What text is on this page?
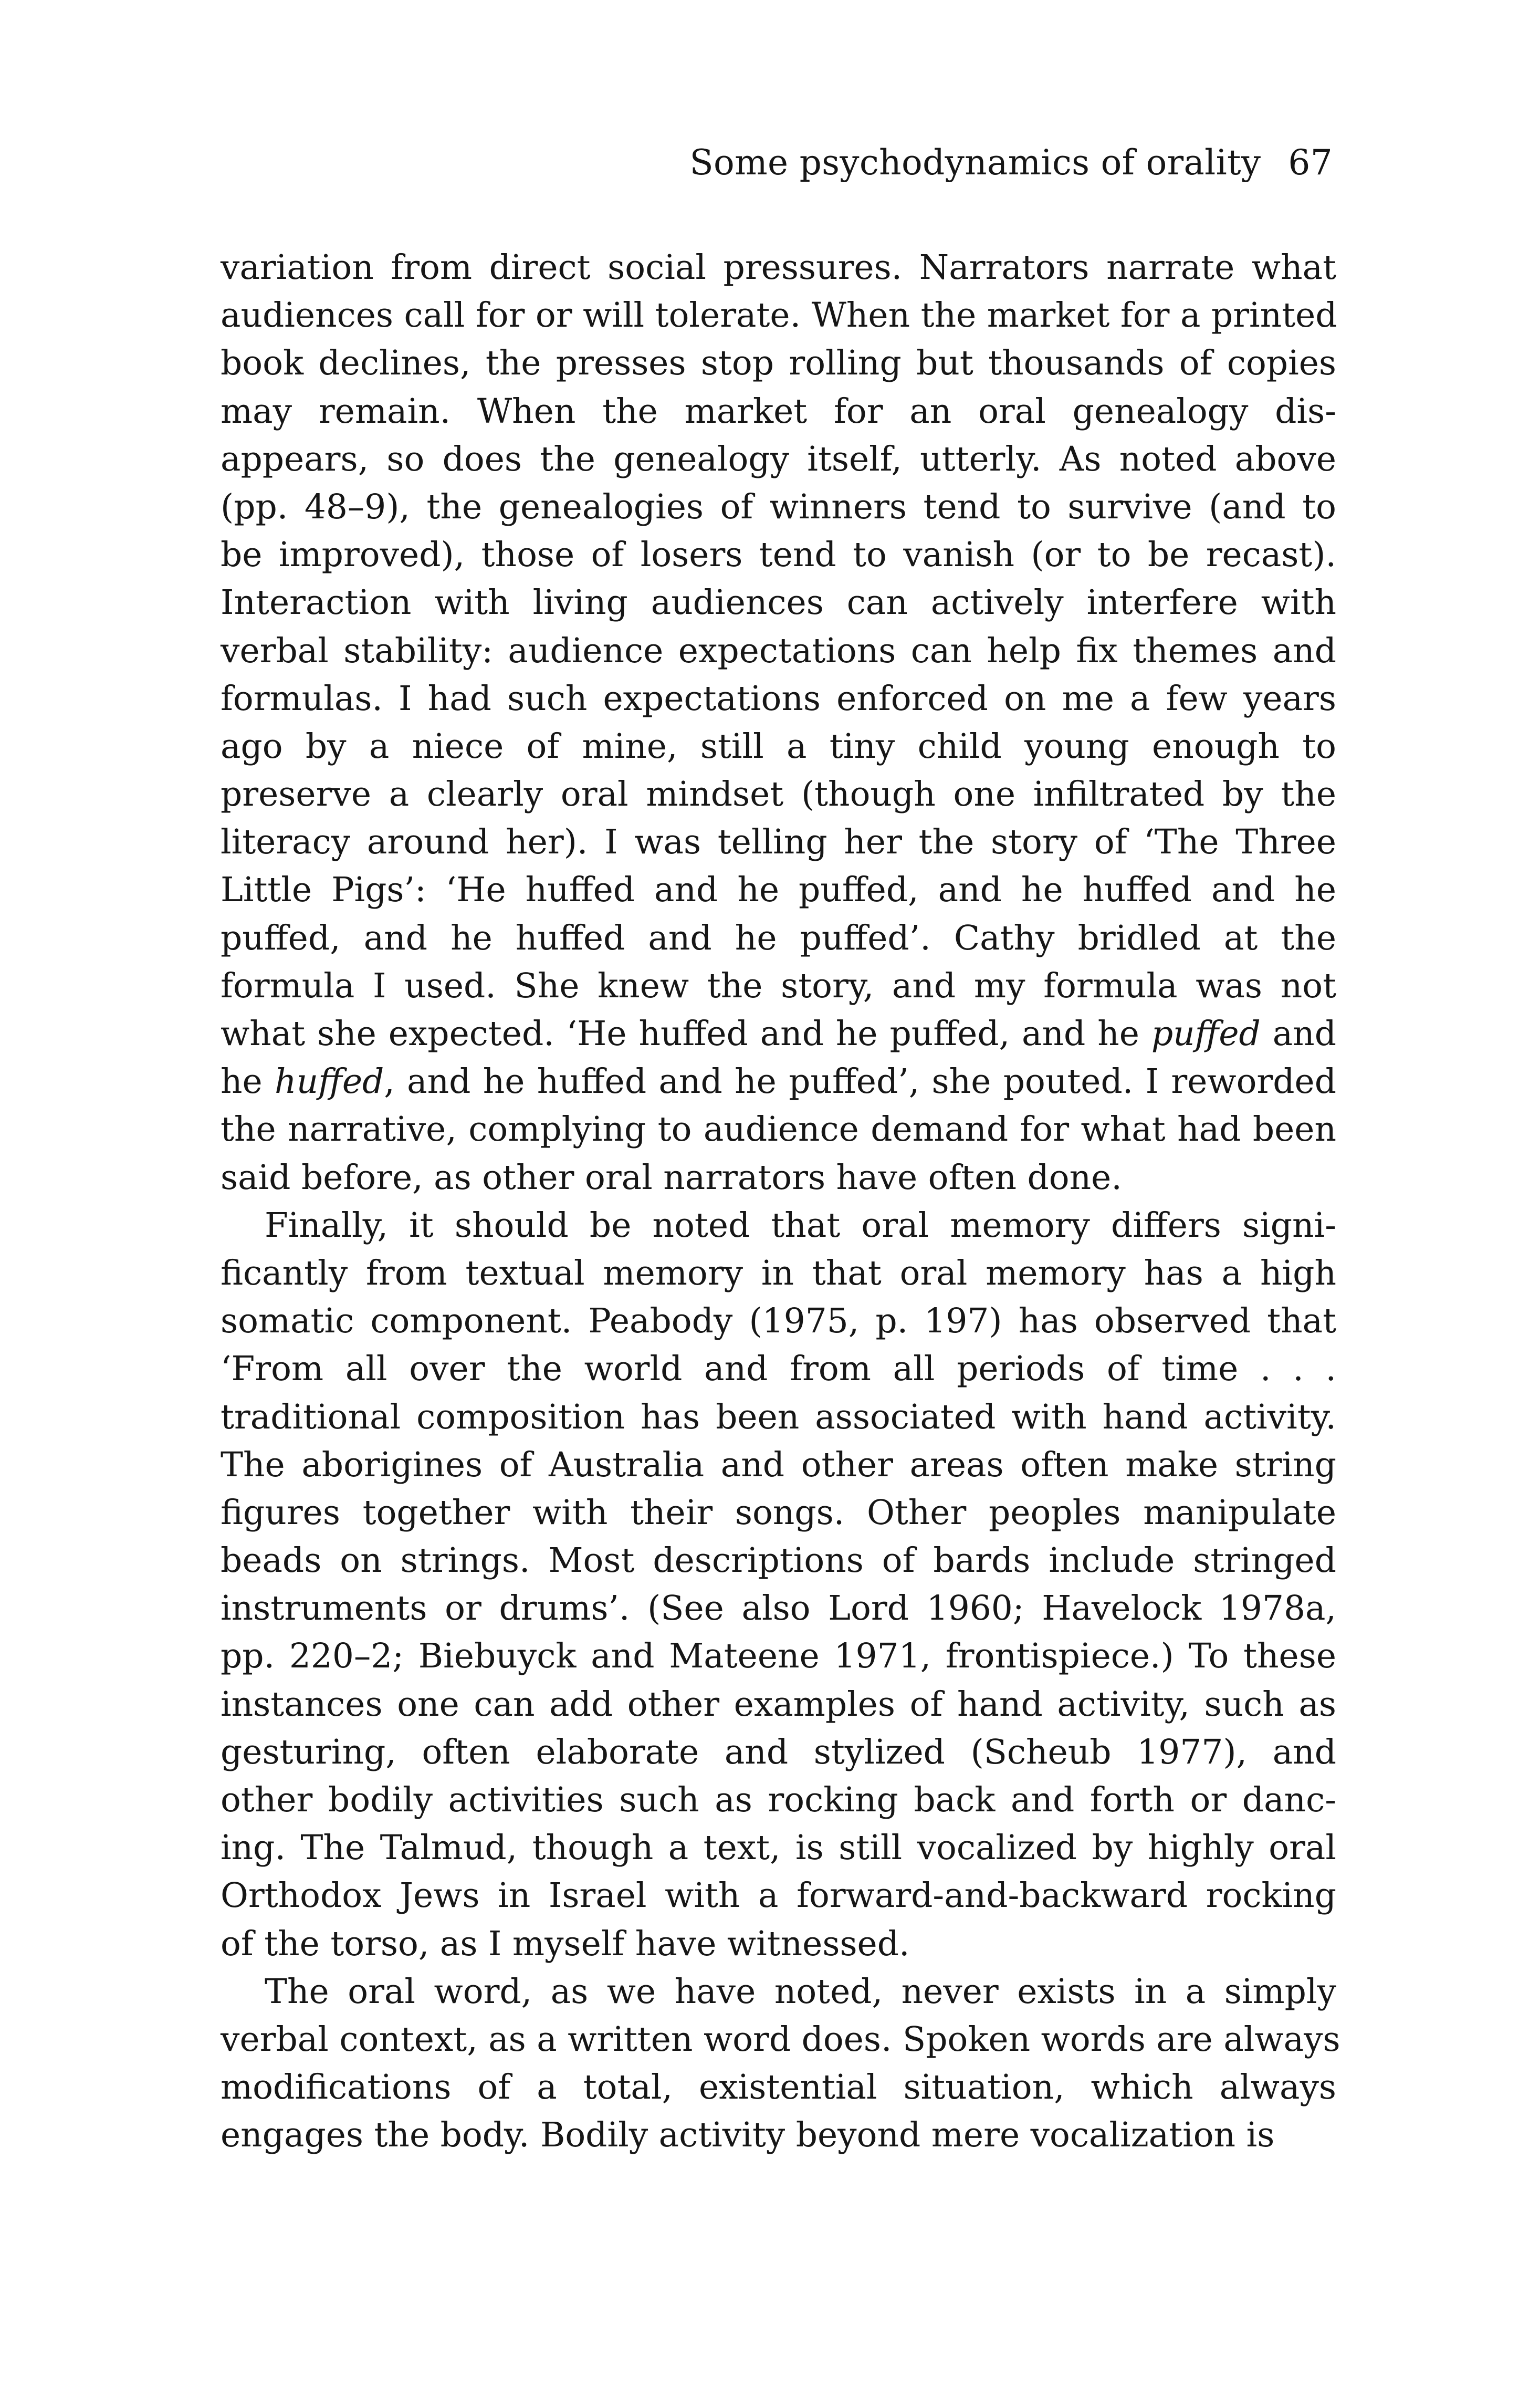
Some psychodynamics of orality 67
variation from direct social pressures. Narrators narrate what
audiences call for or will tolerate. When the market for a printed
book declines, the presses stop rolling but thousands of copies
may remain. When the market for an oral genealogy dis-
appears, so does the genealogy itself, utterly. As noted above
(pp. 48–9), the genealogies of winners tend to survive (and to
be improved), those of losers tend to vanish (or to be recast).
Interaction with living audiences can actively interfere with
verbal stability: audience expectations can help fix themes and
formulas. I had such expectations enforced on me a few years
ago by a niece of mine, still a tiny child young enough to
preserve a clearly oral mindset (though one infiltrated by the
literacy around her). I was telling her the story of ‘The Three
Little Pigs’: ‘He huffed and he puffed, and he huffed and he
puffed, and he huffed and he puffed’. Cathy bridled at the
formula I used. She knew the story, and my formula was not
what she expected. ‘He huffed and he puffed, and he puffed and
he huffed, and he huffed and he puffed’, she pouted. I reworded
the narrative, complying to audience demand for what had been
said before, as other oral narrators have often done.
Finally, it should be noted that oral memory differs signi-
ficantly from textual memory in that oral memory has a high
somatic component. Peabody (1975, p. 197) has observed that
‘From all over the world and from all periods of time . . .
traditional composition has been associated with hand activity.
The aborigines of Australia and other areas often make string
figures together with their songs. Other peoples manipulate
beads on strings. Most descriptions of bards include stringed
instruments or drums’. (See also Lord 1960; Havelock 1978a,
pp. 220–2; Biebuyck and Mateene 1971, frontispiece.) To these
instances one can add other examples of hand activity, such as
gesturing, often elaborate and stylized (Scheub 1977), and
other bodily activities such as rocking back and forth or danc-
ing. The Talmud, though a text, is still vocalized by highly oral
Orthodox Jews in Israel with a forward-and-backward rocking
of the torso, as I myself have witnessed.
The oral word, as we have noted, never exists in a simply
verbal context, as a written word does. Spoken words are always
modifications of a total, existential situation, which always
engages the body. Bodily activity beyond mere vocalization is
